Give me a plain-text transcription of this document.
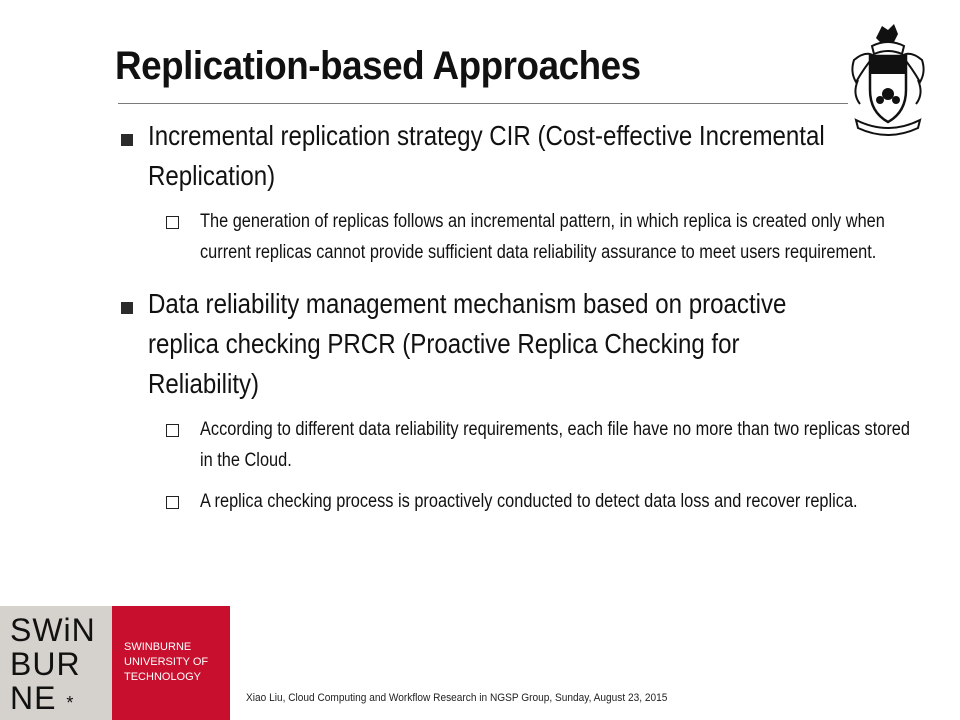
Replication-based Approaches
Incremental replication strategy CIR (Cost-effective Incremental Replication)
The generation of replicas follows an incremental pattern, in which replica is created only when current replicas cannot provide sufficient data reliability assurance to meet users requirement.
Data reliability management mechanism based on proactive replica checking PRCR (Proactive Replica Checking for Reliability)
According to different data reliability requirements, each file have no more than two replicas stored in the Cloud.
A replica checking process is proactively conducted to detect data loss and recover replica.
SWiN
BUR
NE *
SWINBURNE
UNIVERSITY OF
TECHNOLOGY
Xiao Liu, Cloud Computing and Workflow Research in NGSP Group, Sunday, August 23, 2015
